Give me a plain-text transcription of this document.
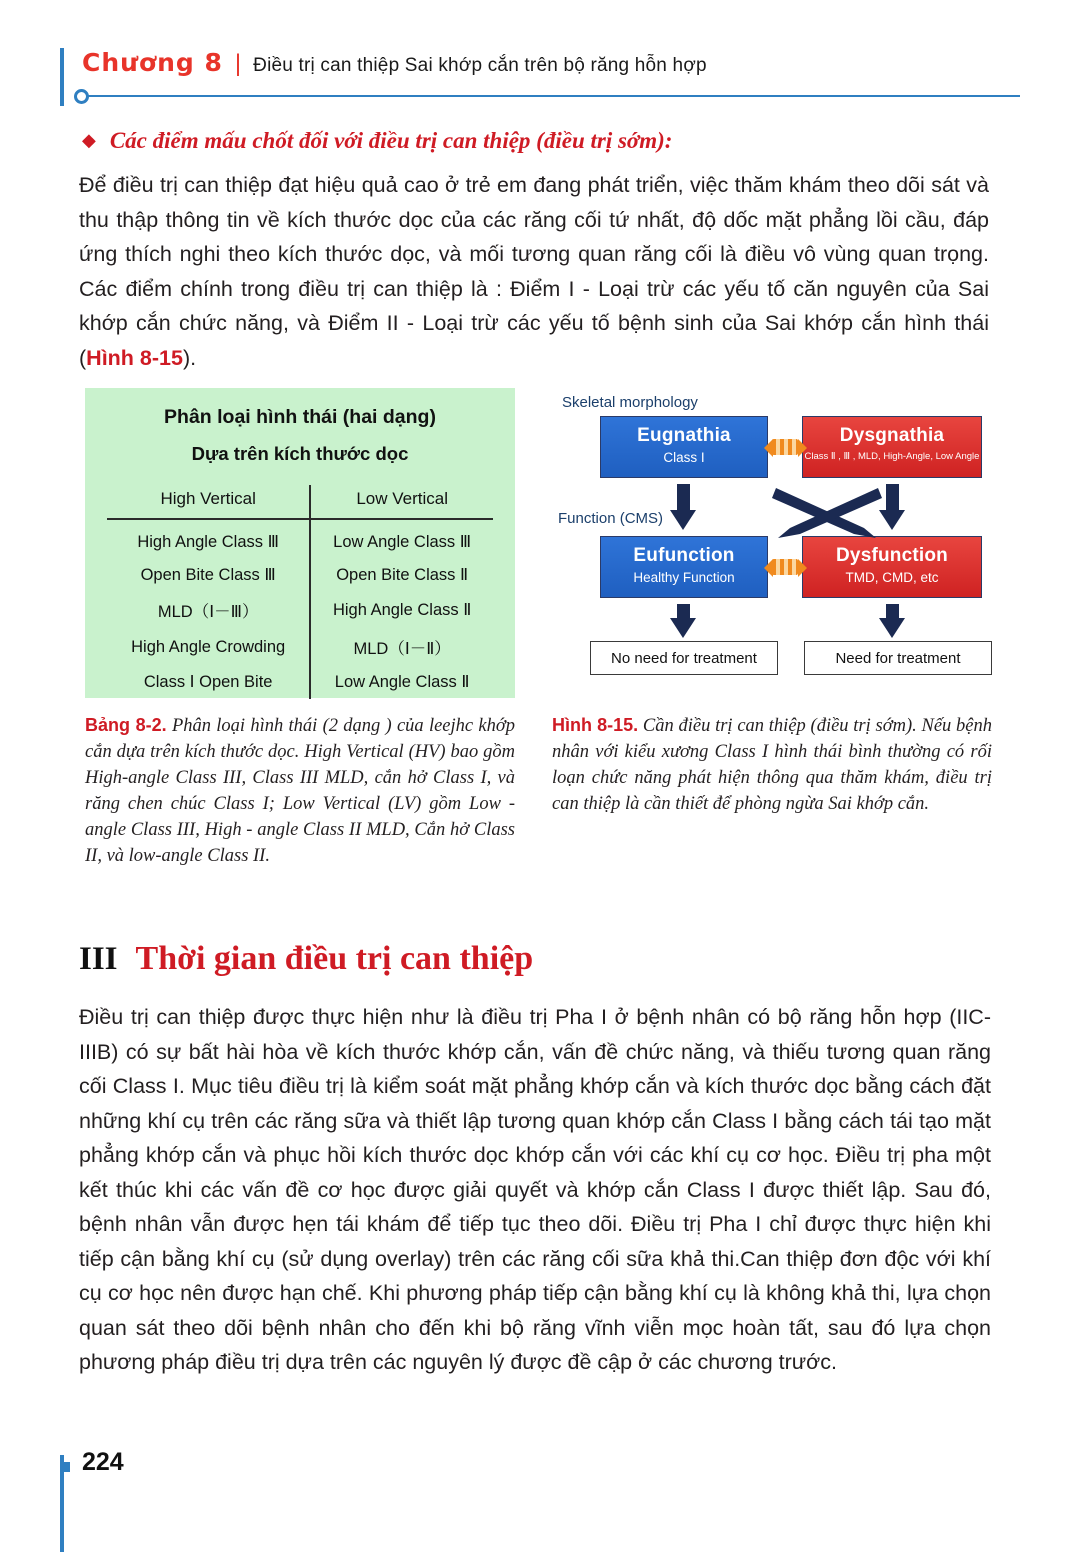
Chương 8 | Điều trị can thiệp Sai khớp cắn trên bộ răng hỗn hợp
◆ Các điểm mấu chốt đối với điều trị can thiệp (điều trị sớm):
Để điều trị can thiệp đạt hiệu quả cao ở trẻ em đang phát triển, việc thăm khám theo dõi sát và thu thập thông tin về kích thước dọc của các răng cối tứ nhất, độ dốc mặt phẳng lồi cầu, đáp ứng thích nghi theo kích thước dọc, và mối tương quan răng cối là điều vô vùng quan trọng. Các điểm chính trong điều trị can thiệp là : Điểm I - Loại trừ các yếu tố căn nguyên của Sai khớp cắn chức năng, và Điểm II - Loại trừ các yếu tố bệnh sinh của Sai khớp cắn hình thái (Hình 8-15).
Phân loại hình thái (hai dạng)
Dựa trên kích thước dọc
High Vertical	Low Vertical
High Angle Class Ⅲ	Low Angle Class Ⅲ
Open Bite Class Ⅲ	Open Bite Class Ⅱ
MLD（Ⅰ－Ⅲ）	High Angle Class Ⅱ
High Angle Crowding	MLD（Ⅰ－Ⅱ）
Class Ⅰ Open Bite	Low Angle Class Ⅱ
Skeletal morphology
Function (CMS)
Eugnathia
Class I
Dysgnathia
Class Ⅱ , Ⅲ , MLD, High-Angle, Low Angle
Eufunction
Healthy Function
Dysfunction
TMD, CMD, etc
No need for treatment	Need for treatment
Bảng 8-2. Phân loại hình thái (2 dạng ) của leejhc khớp cắn dựa trên kích thước dọc. High Vertical (HV) bao gồm High-angle Class III, Class III MLD, cắn hở Class I, và răng chen chúc Class I; Low Vertical (LV) gồm Low - angle Class III, High - angle Class II MLD, Cắn hở Class II, và low-angle Class II.
Hình 8-15. Cần điều trị can thiệp (điều trị sớm). Nếu bệnh nhân với kiểu xương Class I hình thái bình thường có rối loạn chức năng phát hiện thông qua thăm khám, điều trị can thiệp là cần thiết để phòng ngừa Sai khớp cắn.
III Thời gian điều trị can thiệp
Điều trị can thiệp được thực hiện như là điều trị Pha I ở bệnh nhân có bộ răng hỗn hợp (IIC-IIIB) có sự bất hài hòa về kích thước khớp cắn, vấn đề chức năng, và thiếu tương quan răng cối Class I. Mục tiêu điều trị là kiểm soát mặt phẳng khớp cắn và kích thước dọc bằng cách đặt những khí cụ trên các răng sữa và thiết lập tương quan khớp cắn Class I bằng cách tái tạo mặt phẳng khớp cắn và phục hồi kích thước dọc khớp cắn với các khí cụ cơ học. Điều trị pha một kết thúc khi các vấn đề cơ học được giải quyết và khớp cắn Class I được thiết lập. Sau đó, bệnh nhân vẫn được hẹn tái khám để tiếp tục theo dõi. Điều trị Pha I chỉ được thực hiện khi tiếp cận bằng khí cụ (sử dụng overlay) trên các răng cối sữa khả thi.Can thiệp đơn độc với khí cụ cơ học nên được hạn chế. Khi phương pháp tiếp cận bằng khí cụ là không khả thi, lựa chọn quan sát theo dõi bệnh nhân cho đến khi bộ răng vĩnh viễn mọc hoàn tất, sau đó lựa chọn phương pháp điều trị dựa trên các nguyên lý được đề cập ở các chương trước.
224
